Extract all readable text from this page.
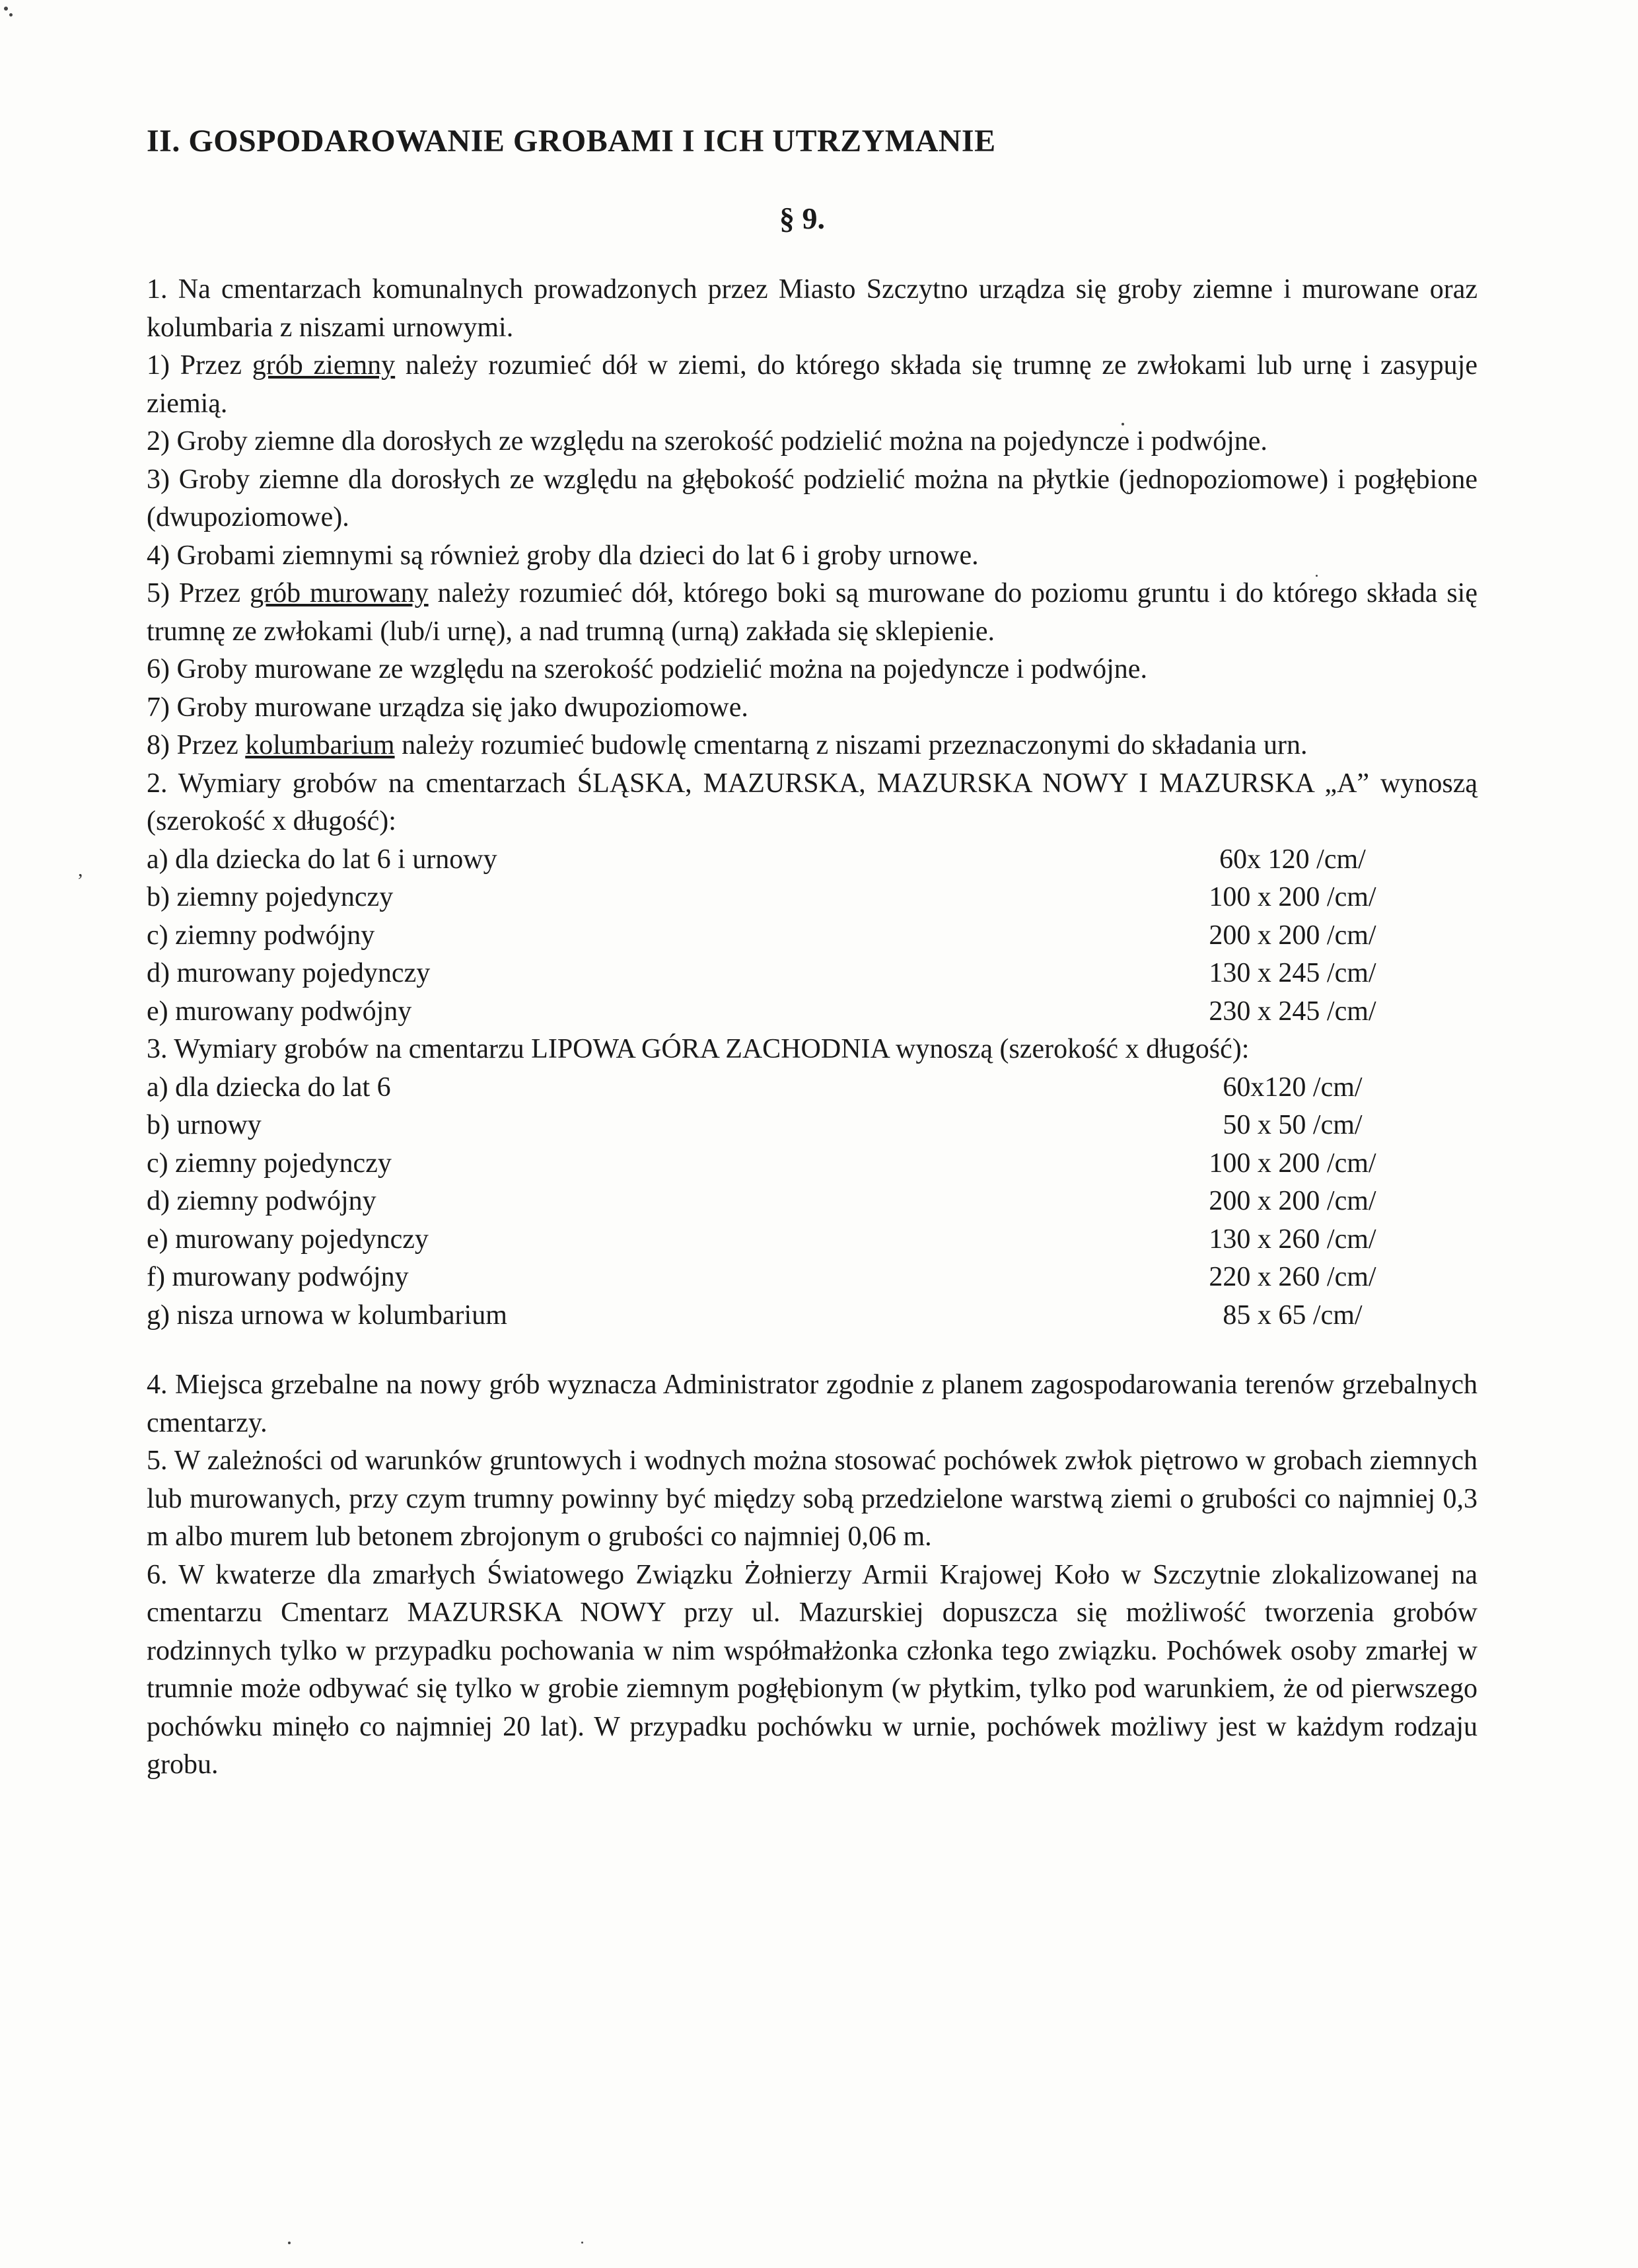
,
II. GOSPODAROWANIE GROBAMI I ICH UTRZYMANIE
§ 9.

1. Na cmentarzach komunalnych prowadzonych przez Miasto Szczytno urządza się groby ziemne i murowane oraz kolumbaria z niszami urnowymi.

1) Przez grób ziemny należy rozumieć dół w ziemi, do którego składa się trumnę ze zwłokami lub urnę i zasypuje ziemią.

2) Groby ziemne dla dorosłych ze względu na szerokość podzielić można na pojedyncze i podwójne.

3) Groby ziemne dla dorosłych ze względu na głębokość podzielić można na płytkie (jednopoziomowe) i pogłębione (dwupoziomowe).

4) Grobami ziemnymi są również groby dla dzieci do lat 6 i groby urnowe.

5) Przez grób murowany należy rozumieć dół, którego boki są murowane do poziomu gruntu i do którego składa się trumnę ze zwłokami (lub/i urnę), a nad trumną (urną) zakłada się sklepienie.

6) Groby murowane ze względu na szerokość podzielić można na pojedyncze i podwójne.

7) Groby murowane urządza się jako dwupoziomowe.

8) Przez kolumbarium należy rozumieć budowlę cmentarną z niszami przeznaczonymi do składania urn.

2. Wymiary grobów na cmentarzach ŚLĄSKA, MAZURSKA, MAZURSKA NOWY I MAZURSKA „A” wynoszą (szerokość x długość):

a) dla dziecka do lat 6 i urnowy	60x 120 /cm/
b) ziemny pojedynczy	100 x 200 /cm/
c) ziemny podwójny	200 x 200 /cm/
d) murowany pojedynczy	130 x 245 /cm/
e) murowany podwójny	230 x 245 /cm/

3. Wymiary grobów na cmentarzu LIPOWA GÓRA ZACHODNIA wynoszą (szerokość x długość):

a) dla dziecka do lat 6	60x120 /cm/
b) urnowy	50 x 50 /cm/
c) ziemny pojedynczy	100 x 200 /cm/
d) ziemny podwójny	200 x 200 /cm/
e) murowany pojedynczy	130 x 260 /cm/
f) murowany podwójny	220 x 260 /cm/
g) nisza urnowa w kolumbarium	85 x 65 /cm/

4. Miejsca grzebalne na nowy grób wyznacza Administrator zgodnie z planem zagospodarowania terenów grzebalnych cmentarzy.

5. W zależności od warunków gruntowych i wodnych można stosować pochówek zwłok piętrowo w grobach ziemnych lub murowanych, przy czym trumny powinny być między sobą przedzielone warstwą ziemi o grubości co najmniej 0,3 m albo murem lub betonem zbrojonym o grubości co najmniej 0,06 m.

6. W kwaterze dla zmarłych Światowego Związku Żołnierzy Armii Krajowej Koło w Szczytnie zlokalizowanej na cmentarzu Cmentarz MAZURSKA NOWY przy ul. Mazurskiej dopuszcza się możliwość tworzenia grobów rodzinnych tylko w przypadku pochowania w nim współmałżonka członka tego związku. Pochówek osoby zmarłej w trumnie może odbywać się tylko w grobie ziemnym pogłębionym (w płytkim, tylko pod warunkiem, że od pierwszego pochówku minęło co najmniej 20 lat). W przypadku pochówku w urnie, pochówek możliwy jest w każdym rodzaju grobu.
